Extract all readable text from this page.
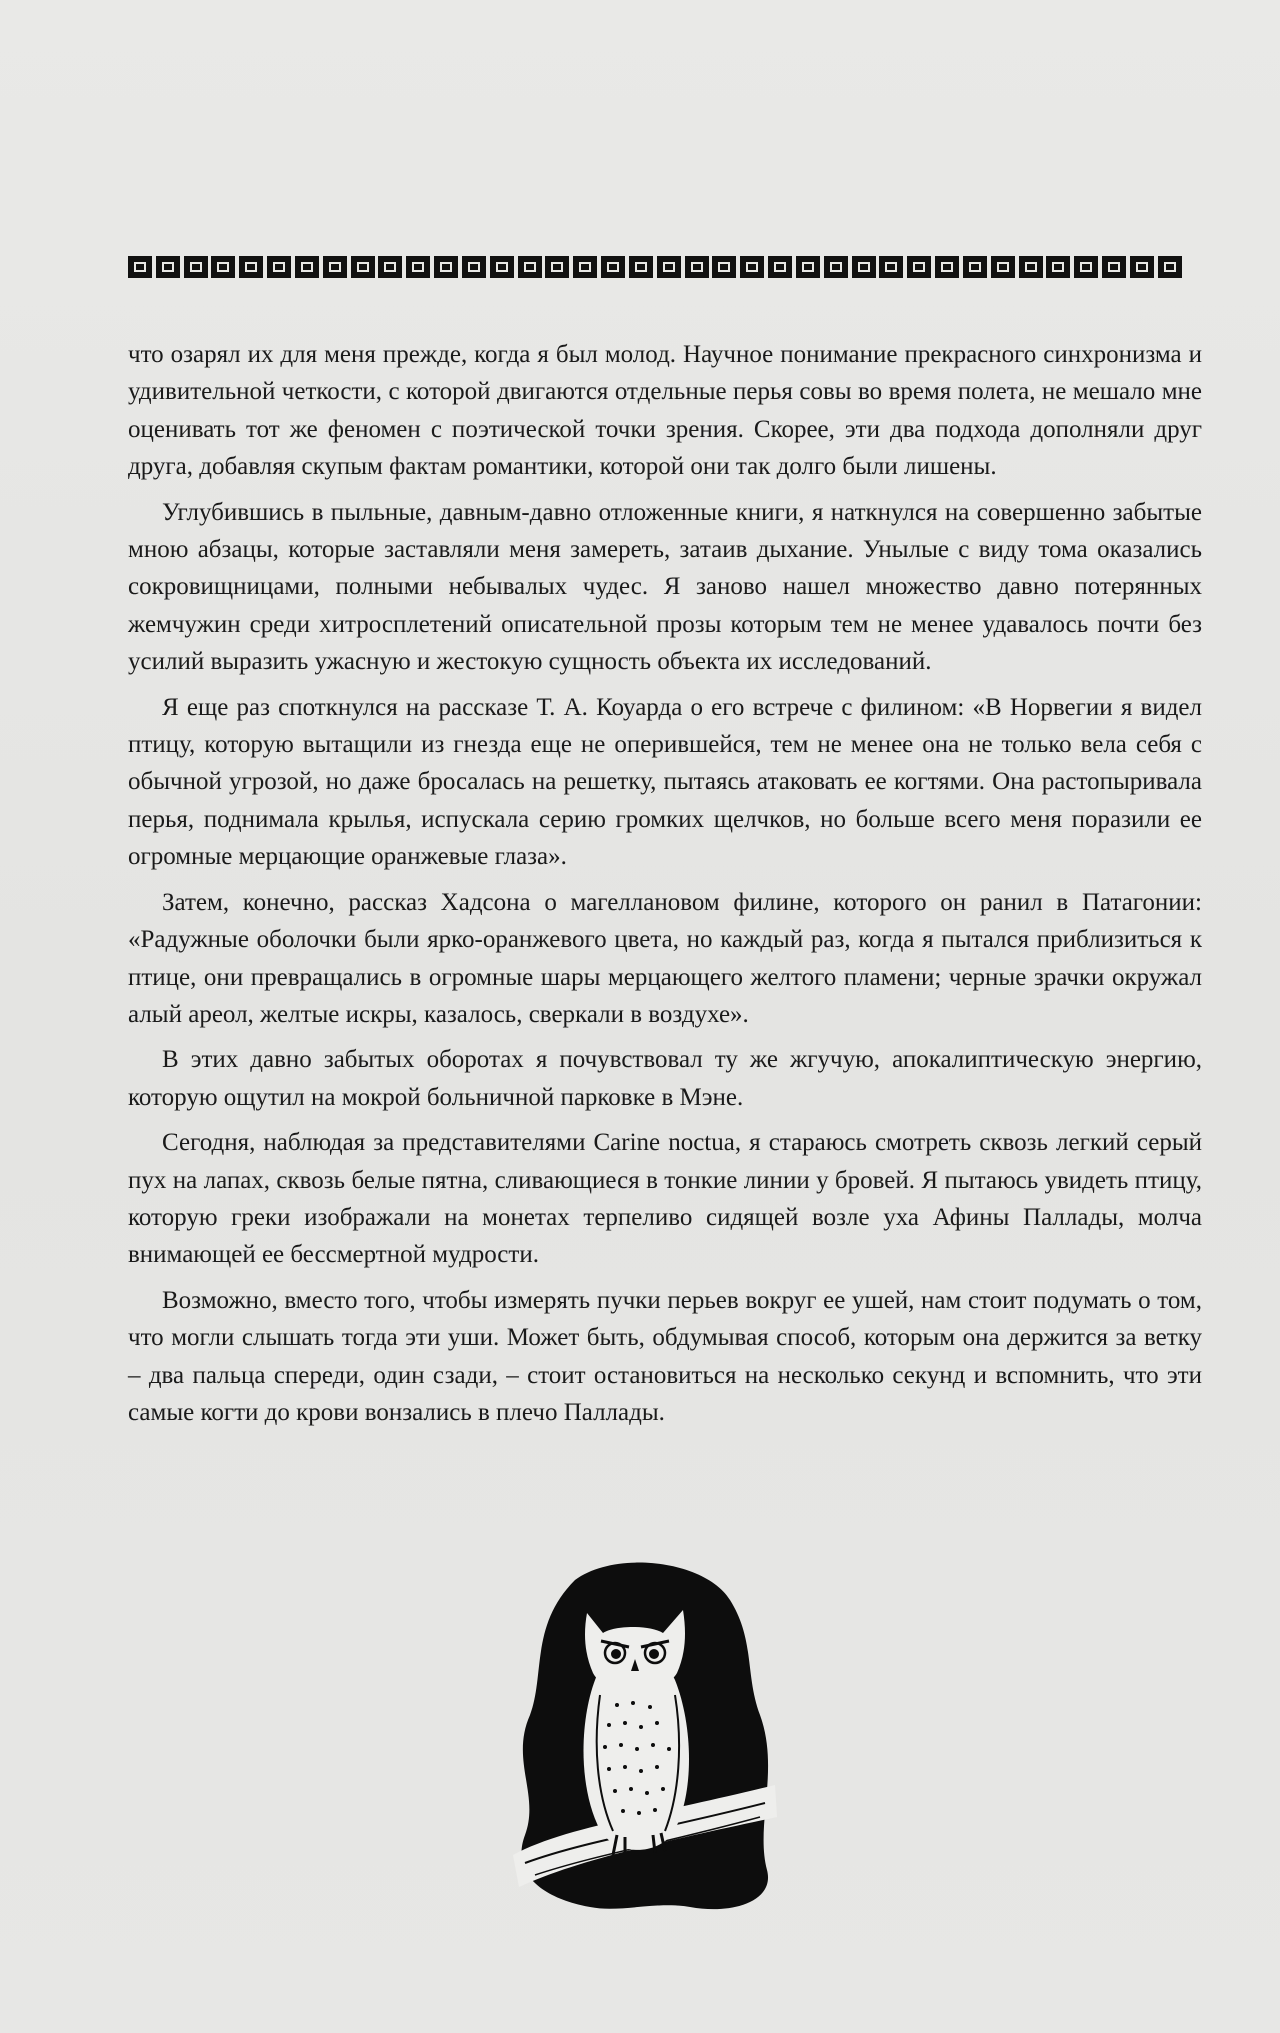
что озарял их для меня прежде, когда я был молод. Научное понимание прекрасного синхронизма и удивительной четкости, с которой двигаются отдельные перья совы во время полета, не мешало мне оценивать тот же феномен с поэтической точки зрения. Скорее, эти два подхода дополняли друг друга, добавляя скупым фактам романтики, которой они так долго были лишены.

Углубившись в пыльные, давным-давно отложенные книги, я наткнулся на совершенно забытые мною абзацы, которые заставляли меня замереть, затаив дыхание. Унылые с виду тома оказались сокровищницами, полными небывалых чудес. Я заново нашел множество давно потерянных жемчужин среди хитросплетений описательной прозы которым тем не менее удавалось почти без усилий выразить ужасную и жестокую сущность объекта их исследований.

Я еще раз споткнулся на рассказе Т. А. Коуарда о его встрече с филином: «В Норвегии я видел птицу, которую вытащили из гнезда еще не оперившейся, тем не менее она не только вела себя с обычной угрозой, но даже бросалась на решетку, пытаясь атаковать ее когтями. Она растопыривала перья, поднимала крылья, испускала серию громких щелчков, но больше всего меня поразили ее огромные мерцающие оранжевые глаза».

Затем, конечно, рассказ Хадсона о магеллановом филине, которого он ранил в Патагонии: «Радужные оболочки были ярко-оранжевого цвета, но каждый раз, когда я пытался приблизиться к птице, они превращались в огромные шары мерцающего желтого пламени; черные зрачки окружал алый ареол, желтые искры, казалось, сверкали в воздухе».

В этих давно забытых оборотах я почувствовал ту же жгучую, апокалиптическую энергию, которую ощутил на мокрой больничной парковке в Мэне.

Сегодня, наблюдая за представителями Carine noctua, я стараюсь смотреть сквозь легкий серый пух на лапах, сквозь белые пятна, сливающиеся в тонкие линии у бровей. Я пытаюсь увидеть птицу, которую греки изображали на монетах терпеливо сидящей возле уха Афины Паллады, молча внимающей ее бессмертной мудрости.

Возможно, вместо того, чтобы измерять пучки перьев вокруг ее ушей, нам стоит подумать о том, что могли слышать тогда эти уши. Может быть, обдумывая способ, которым она держится за ветку – два пальца спереди, один сзади, – стоит остановиться на несколько секунд и вспомнить, что эти самые когти до крови вонзались в плечо Паллады.
